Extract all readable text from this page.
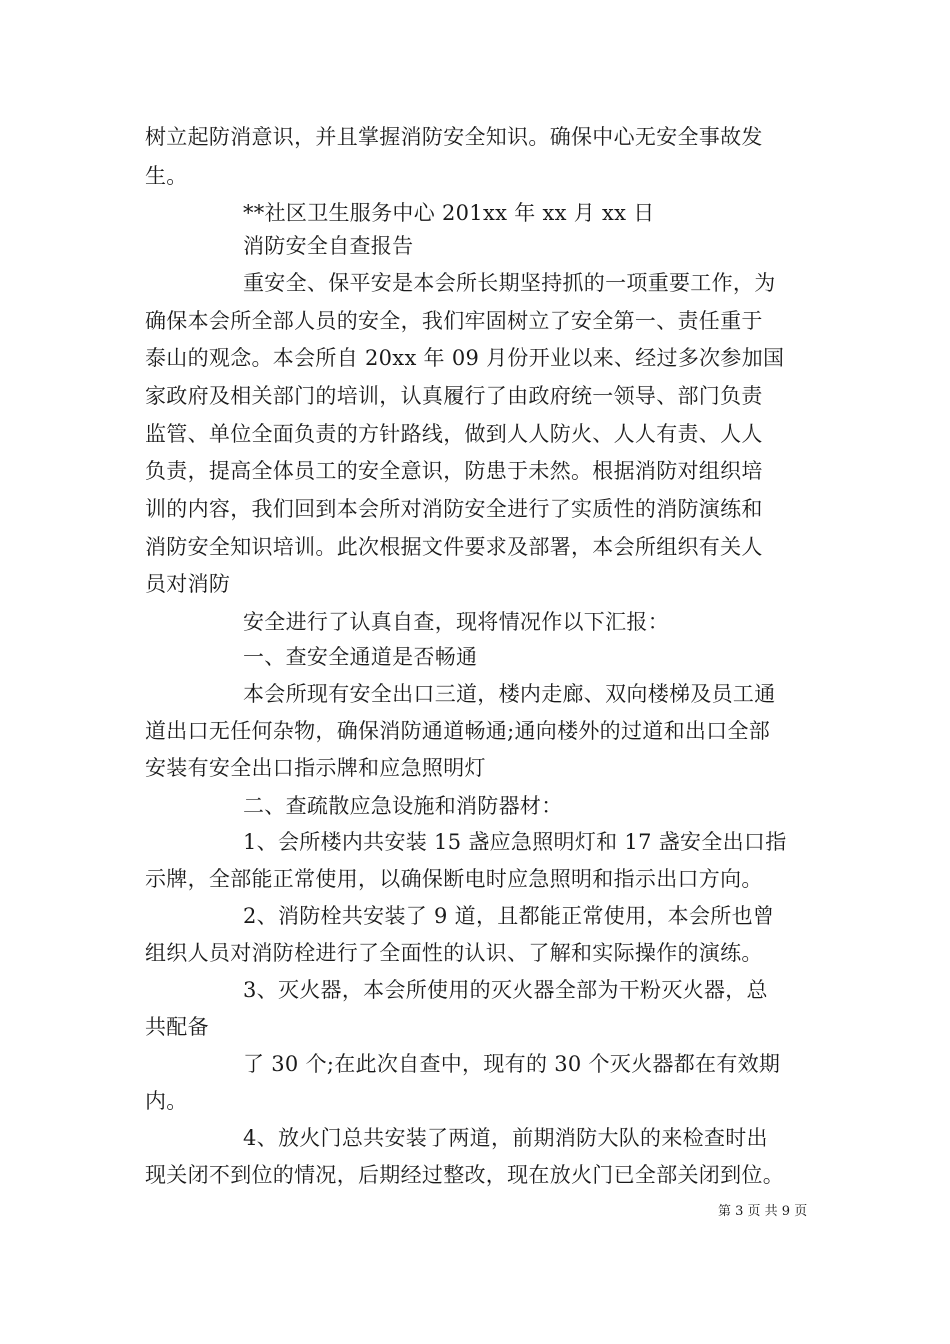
树立起防消意识，并且掌握消防安全知识。确保中心无安全事故发
生。
**社区卫生服务中心 201xx 年 xx 月 xx 日
消防安全自查报告
重安全、保平安是本会所长期坚持抓的一项重要工作，为
确保本会所全部人员的安全，我们牢固树立了安全第一、责任重于
泰山的观念。本会所自 20xx 年 09 月份开业以来、经过多次参加国
家政府及相关部门的培训，认真履行了由政府统一领导、部门负责
监管、单位全面负责的方针路线，做到人人防火、人人有责、人人
负责，提高全体员工的安全意识，防患于未然。根据消防对组织培
训的内容，我们回到本会所对消防安全进行了实质性的消防演练和
消防安全知识培训。此次根据文件要求及部署，本会所组织有关人
员对消防
安全进行了认真自查，现将情况作以下汇报：
一、查安全通道是否畅通
本会所现有安全出口三道，楼内走廊、双向楼梯及员工通
道出口无任何杂物，确保消防通道畅通;通向楼外的过道和出口全部
安装有安全出口指示牌和应急照明灯
二、查疏散应急设施和消防器材：
1、会所楼内共安装 15 盏应急照明灯和 17 盏安全出口指
示牌，全部能正常使用，以确保断电时应急照明和指示出口方向。
2、消防栓共安装了 9 道，且都能正常使用，本会所也曾
组织人员对消防栓进行了全面性的认识、了解和实际操作的演练。
3、灭火器，本会所使用的灭火器全部为干粉灭火器，总
共配备
了 30 个;在此次自查中，现有的 30 个灭火器都在有效期
内。
4、放火门总共安装了两道，前期消防大队的来检查时出
现关闭不到位的情况，后期经过整改，现在放火门已全部关闭到位。
第 3 页 共 9 页
